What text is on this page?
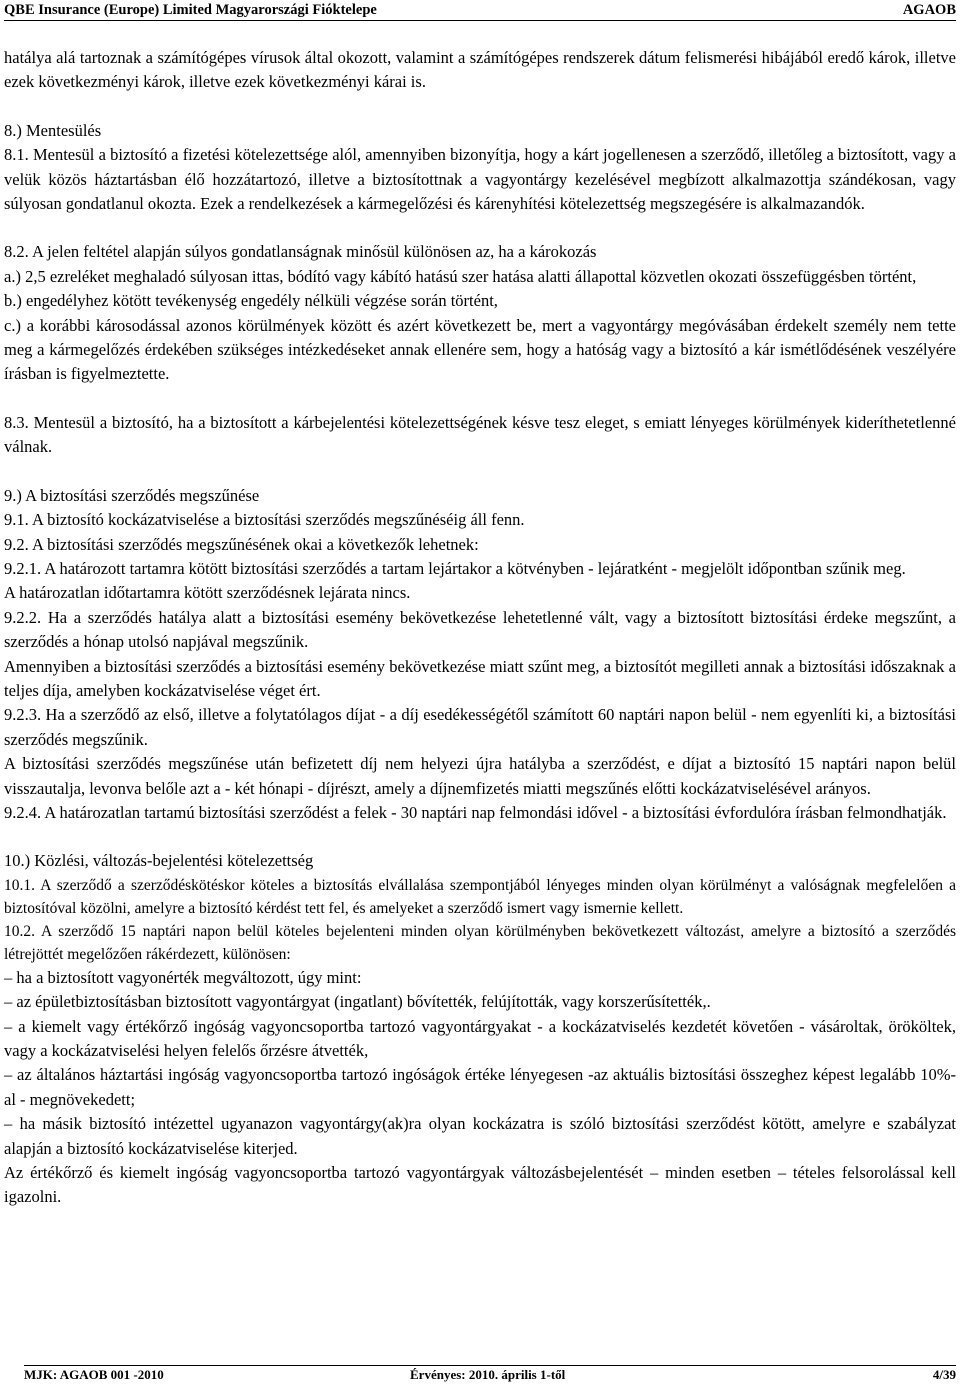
QBE Insurance (Europe) Limited Magyarországi Fióktelepe	AGAOB

hatálya alá tartoznak a számítógépes vírusok által okozott, valamint a számítógépes rendszerek dátum felismerési hibájából eredő károk, illetve ezek következményi károk, illetve ezek következményi kárai is.

8.) Mentesülés

8.1. Mentesül a biztosító a fizetési kötelezettsége alól, amennyiben bizonyítja, hogy a kárt jogellenesen a szerződő, illetőleg a biztosított, vagy a velük közös háztartásban élő hozzátartozó, illetve a biztosítottnak a vagyontárgy kezelésével megbízott alkalmazottja szándékosan, vagy súlyosan gondatlanul okozta. Ezek a rendelkezések a kármegelőzési és kárenyhítési kötelezettség megszegésére is alkalmazandók.

8.2. A jelen feltétel alapján súlyos gondatlanságnak minősül különösen az, ha a károkozás

a.) 2,5 ezreléket meghaladó súlyosan ittas, bódító vagy kábító hatású szer hatása alatti állapottal közvetlen okozati összefüggésben történt,

b.) engedélyhez kötött tevékenység engedély nélküli végzése során történt,

c.) a korábbi károsodással azonos körülmények között és azért következett be, mert a vagyontárgy megóvásában érdekelt személy nem tette meg a kármegelőzés érdekében szükséges intézkedéseket annak ellenére sem, hogy a hatóság vagy a biztosító a kár ismétlődésének veszélyére írásban is figyelmeztette.

8.3. Mentesül a biztosító, ha a biztosított a kárbejelentési kötelezettségének késve tesz eleget, s emiatt lényeges körülmények kideríthetetlenné válnak.

9.) A biztosítási szerződés megszűnése

9.1. A biztosító kockázatviselése a biztosítási szerződés megszűnéséig áll fenn.

9.2. A biztosítási szerződés megszűnésének okai a következők lehetnek:

9.2.1. A határozott tartamra kötött biztosítási szerződés a tartam lejártakor a kötvényben - lejáratként - megjelölt időpontban szűnik meg.

A határozatlan időtartamra kötött szerződésnek lejárata nincs.

9.2.2. Ha a szerződés hatálya alatt a biztosítási esemény bekövetkezése lehetetlenné vált, vagy a biztosított biztosítási érdeke megszűnt, a szerződés a hónap utolsó napjával megszűnik.

Amennyiben a biztosítási szerződés a biztosítási esemény bekövetkezése miatt szűnt meg, a biztosítót megilleti annak a biztosítási időszaknak a teljes díja, amelyben kockázatviselése véget ért.

9.2.3. Ha a szerződő az első, illetve a folytatólagos díjat - a díj esedékességétől számított 60 naptári napon belül - nem egyenlíti ki, a biztosítási szerződés megszűnik.

A biztosítási szerződés megszűnése után befizetett díj nem helyezi újra hatályba a szerződést, e díjat a biztosító 15 naptári napon belül visszautalja, levonva belőle azt a - két hónapi - díjrészt, amely a díjnemfizetés miatti megszűnés előtti kockázatviselésével arányos.

9.2.4. A határozatlan tartamú biztosítási szerződést a felek - 30 naptári nap felmondási idővel - a biztosítási évfordulóra írásban felmondhatják.

10.) Közlési, változás-bejelentési kötelezettség

10.1. A szerződő a szerződéskötéskor köteles a biztosítás elvállalása szempontjából lényeges minden olyan körülményt a valóságnak megfelelően a biztosítóval közölni, amelyre a biztosító kérdést tett fel, és amelyeket a szerződő ismert vagy ismernie kellett.

10.2. A szerződő 15 naptári napon belül köteles bejelenteni minden olyan körülményben bekövetkezett változást, amelyre a biztosító a szerződés létrejöttét megelőzően rákérdezett, különösen:

– ha a biztosított vagyonérték megváltozott, úgy mint:

– az épületbiztosításban biztosított vagyontárgyat (ingatlant) bővítették, felújították, vagy korszerűsítették,.

– a kiemelt vagy értékőrző ingóság vagyoncsoportba tartozó vagyontárgyakat - a kockázatviselés kezdetét követően - vásároltak, örököltek, vagy a kockázatviselési helyen felelős őrzésre átvették,

– az általános háztartási ingóság vagyoncsoportba tartozó ingóságok értéke lényegesen -az aktuális biztosítási összeghez képest legalább 10%-al - megnövekedett;

– ha másik biztosító intézettel ugyanazon vagyontárgy(ak)ra olyan kockázatra is szóló biztosítási szerződést kötött, amelyre e szabályzat alapján a biztosító kockázatviselése kiterjed.

Az értékőrző és kiemelt ingóság vagyoncsoportba tartozó vagyontárgyak változásbejelentését – minden esetben – tételes felsorolással kell igazolni.

MJK: AGAOB 001 -2010	Érvényes: 2010. április 1-től	4/39
